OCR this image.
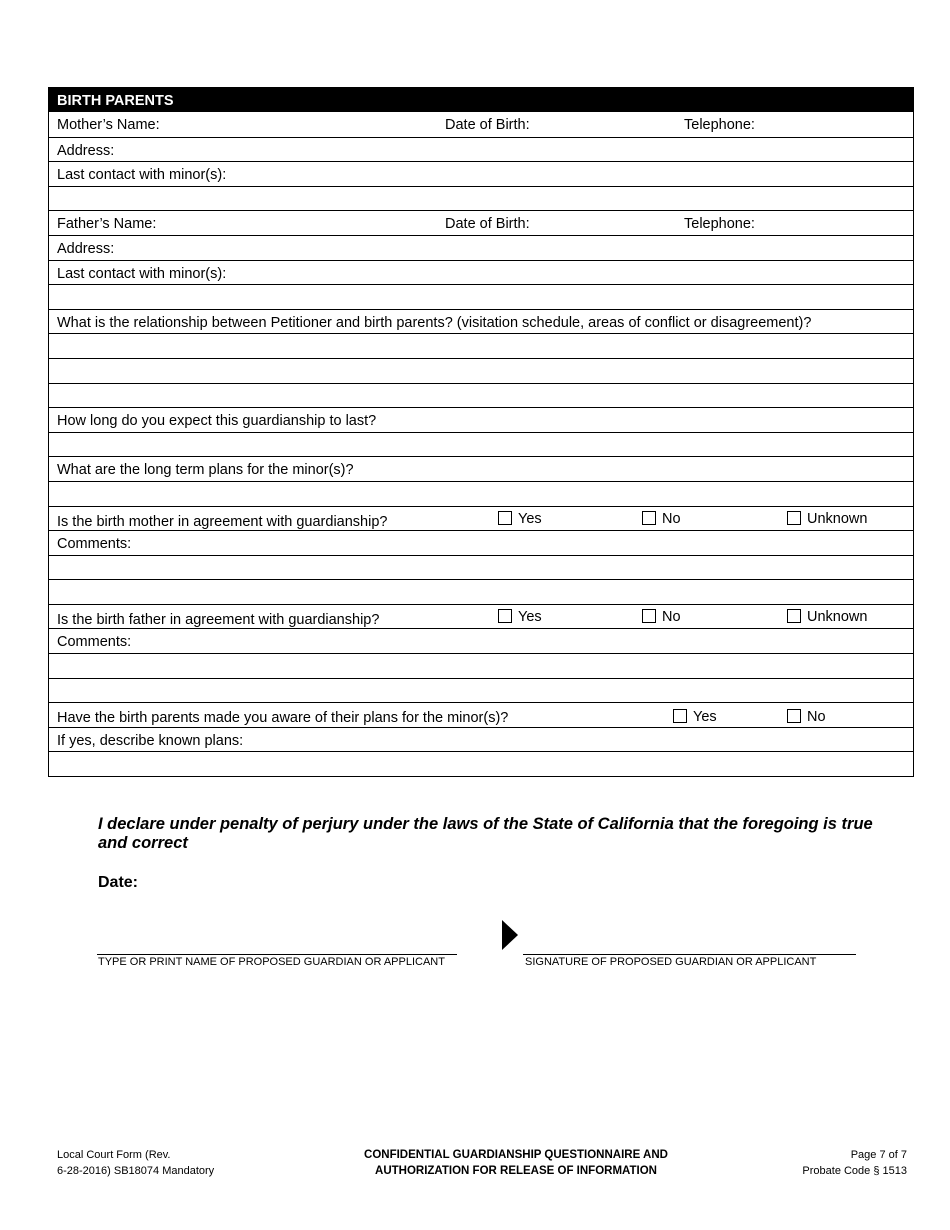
BIRTH PARENTS
Mother’s Name:	Date of Birth:	Telephone:
Address:
Last contact with minor(s):
Father’s Name:	Date of Birth:	Telephone:
Address:
Last contact with minor(s):
What is the relationship between Petitioner and birth parents? (visitation schedule, areas of conflict or disagreement)?
How long do you expect this guardianship to last?
What are the long term plans for the minor(s)?
Is the birth mother in agreement with guardianship?	Yes	No	Unknown
Comments:
Is the birth father in agreement with guardianship?	Yes	No	Unknown
Comments:
Have the birth parents made you aware of their plans for the minor(s)?	Yes	No
If yes, describe known plans:
I declare under penalty of perjury under the laws of the State of California that the foregoing is true and correct
Date:
TYPE OR PRINT NAME OF PROPOSED GUARDIAN OR APPLICANT	SIGNATURE OF PROPOSED GUARDIAN OR APPLICANT
Local Court Form (Rev.
6-28-2016) SB18074 Mandatory
CONFIDENTIAL GUARDIANSHIP QUESTIONNAIRE AND
AUTHORIZATION FOR RELEASE OF INFORMATION
Page 7 of 7
Probate Code § 1513
